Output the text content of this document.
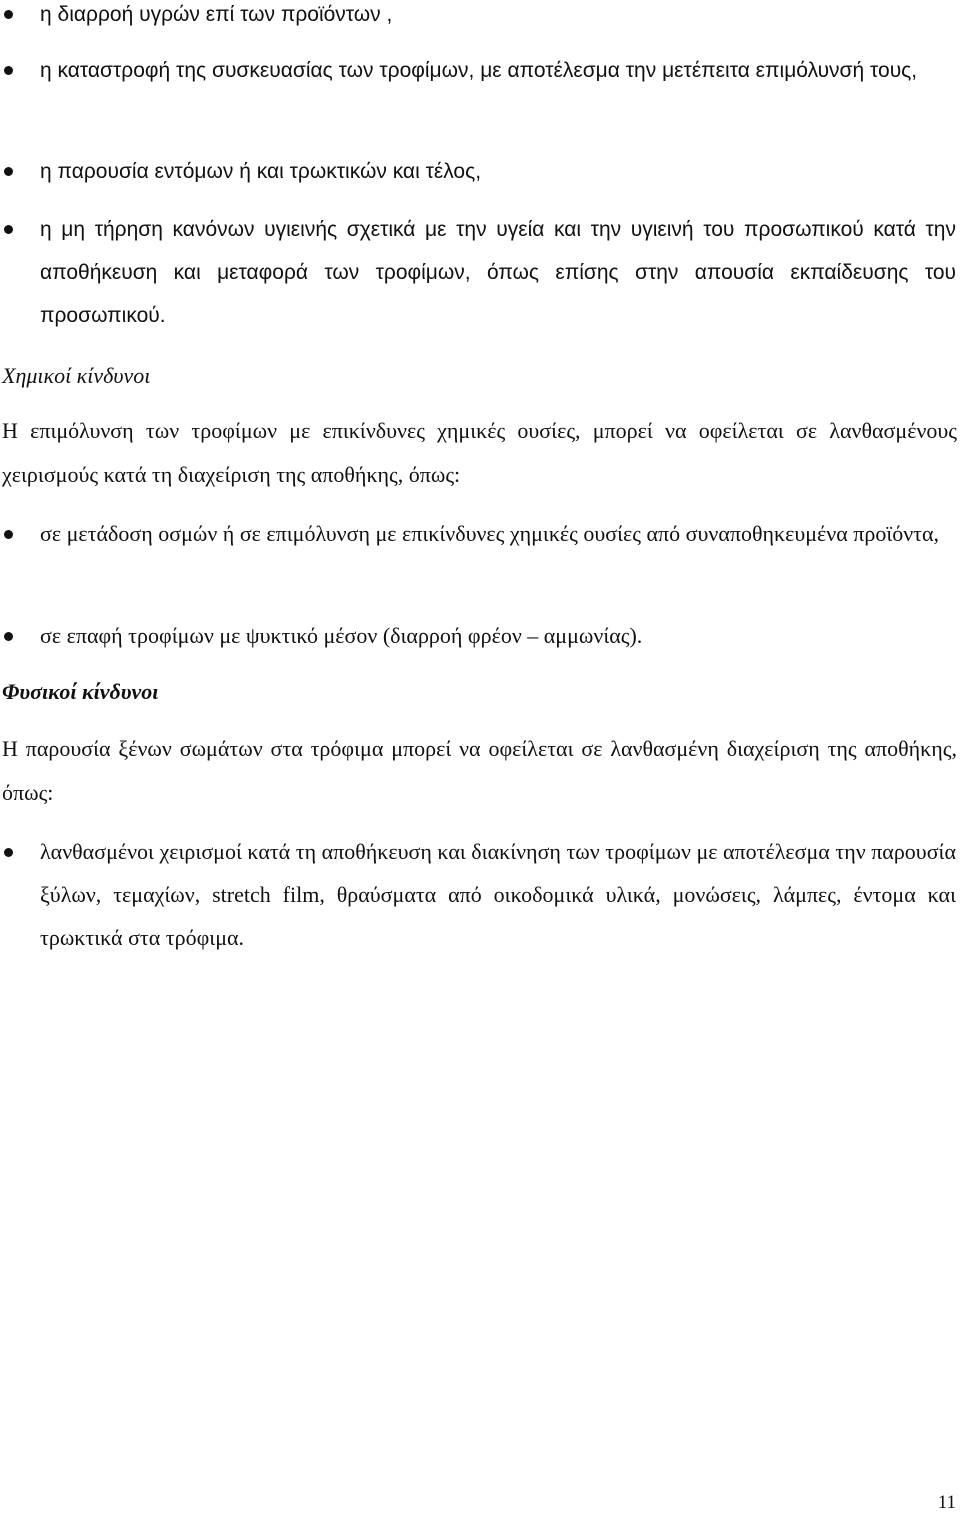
η διαρροή υγρών επί των προϊόντων ,
η καταστροφή της συσκευασίας των τροφίμων, με αποτέλεσμα την μετέπειτα επιμόλυνσή τους,
η παρουσία εντόμων ή και τρωκτικών και τέλος,
η μη τήρηση κανόνων υγιεινής σχετικά με την υγεία και την υγιεινή του προσωπικού κατά την αποθήκευση και μεταφορά των τροφίμων, όπως επίσης στην απουσία εκπαίδευσης του προσωπικού.
Χημικοί κίνδυνοι
Η επιμόλυνση των τροφίμων με επικίνδυνες χημικές ουσίες, μπορεί να οφείλεται σε λανθασμένους χειρισμούς κατά τη διαχείριση της αποθήκης, όπως:
σε μετάδοση οσμών ή σε επιμόλυνση με επικίνδυνες χημικές ουσίες από συναποθηκευμένα προϊόντα,
σε επαφή τροφίμων με ψυκτικό μέσον (διαρροή φρέον – αμμωνίας).
Φυσικοί κίνδυνοι
Η παρουσία ξένων σωμάτων στα τρόφιμα μπορεί να οφείλεται σε λανθασμένη διαχείριση της αποθήκης, όπως:
λανθασμένοι χειρισμοί κατά τη αποθήκευση και διακίνηση των τροφίμων με αποτέλεσμα την παρουσία ξύλων, τεμαχίων, stretch film, θραύσματα από οικοδομικά υλικά, μονώσεις, λάμπες, έντομα και τρωκτικά στα τρόφιμα.
11
